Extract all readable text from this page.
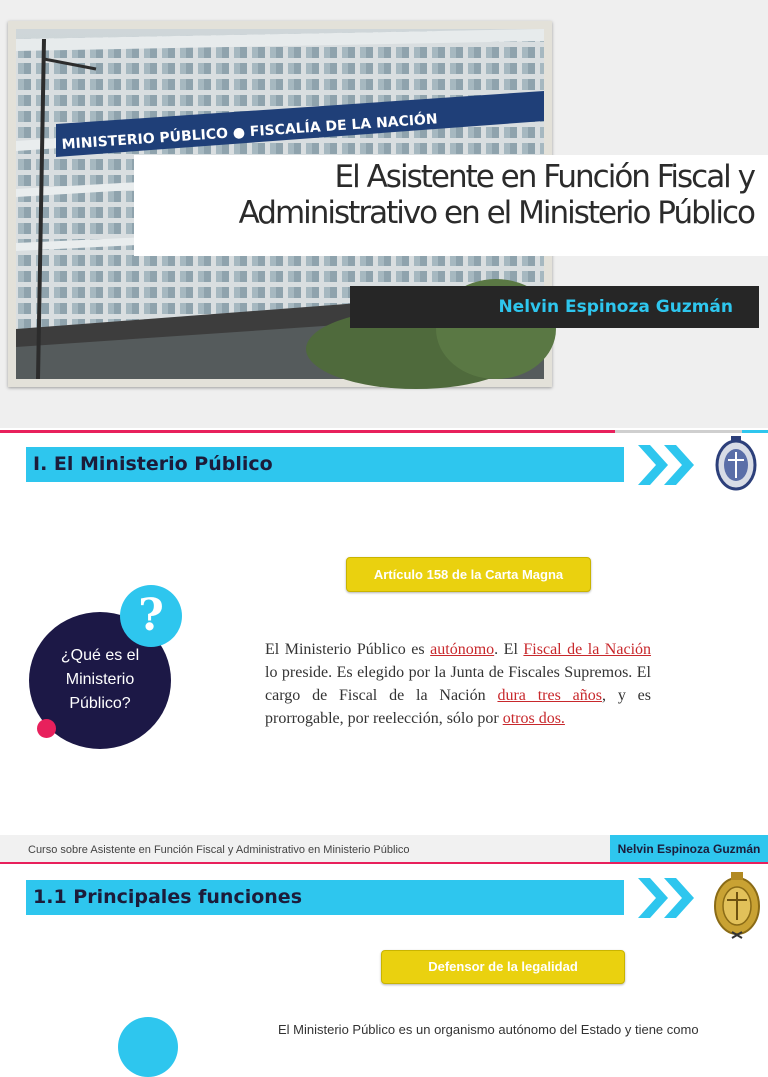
MINISTERIO PÚBLICO ● FISCALÍA DE LA NACIÓN
El Asistente en Función Fiscal y
Administrativo en el Ministerio Público
Nelvin Espinoza Guzmán
I. El Ministerio Público
Artículo 158 de la Carta Magna
¿Qué es el
Ministerio
Público?
?

El Ministerio Público es autónomo. El Fiscal de la Nación lo preside. Es elegido por la Junta de Fiscales Supremos. El cargo de Fiscal de la Nación dura tres años, y es prorrogable, por reelección, sólo por otros dos.

Curso sobre Asistente en Función Fiscal y Administrativo en Ministerio Público	Nelvin Espinoza Guzmán
1.1 Principales funciones
Defensor de la legalidad

El Ministerio Público es un organismo autónomo del Estado y tiene como
